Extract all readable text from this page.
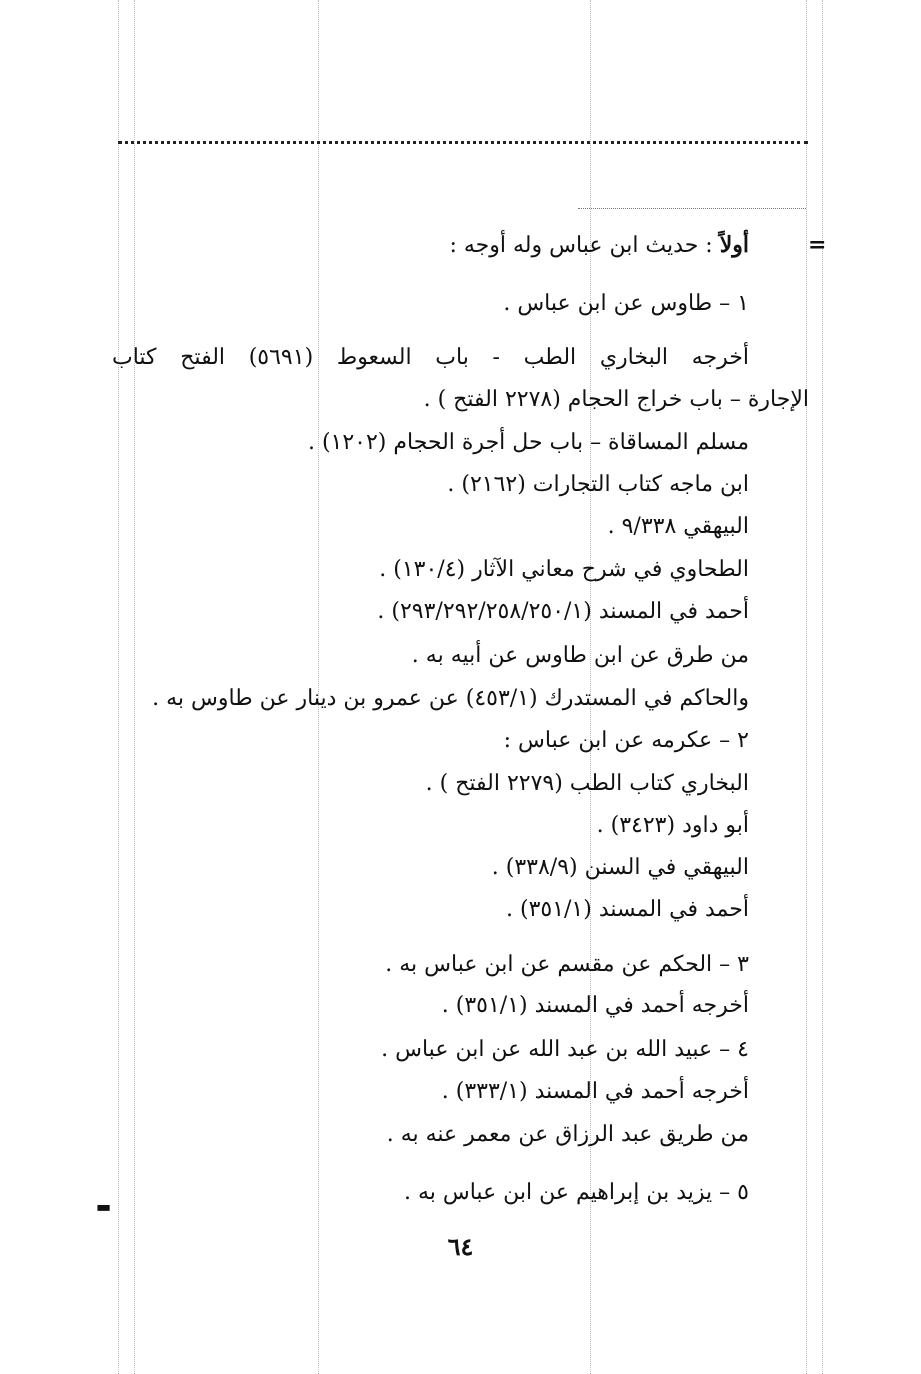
=
▬
أولاً : حديث ابن عباس وله أوجه :
١ – طاوس عن ابن عباس .
أخرجه البخاري الطب - باب السعوط (٥٦٩١) الفتح كتاب
الإجارة – باب خراج الحجام (٢٢٧٨ الفتح ) .
مسلم المساقاة – باب حل أجرة الحجام (١٢٠٢) .
ابن ماجه كتاب التجارات (٢١٦٢) .
البيهقي ٩/٣٣٨ .
الطحاوي في شرح معاني الآثار (١٣٠/٤) .
أحمد في المسند (٢٩٣/٢٩٢/٢٥٨/٢٥٠/١) .
من طرق عن ابن طاوس عن أبيه به .
والحاكم في المستدرك (٤٥٣/١) عن عمرو بن دينار عن طاوس به .
٢ – عكرمه عن ابن عباس :
البخاري كتاب الطب (٢٢٧٩ الفتح ) .
أبو داود (٣٤٢٣) .
البيهقي في السنن (٣٣٨/٩) .
أحمد في المسند (٣٥١/١) .
٣ – الحكم عن مقسم عن ابن عباس به .
أخرجه أحمد في المسند (٣٥١/١) .
٤ – عبيد الله بن عبد الله عن ابن عباس .
أخرجه أحمد في المسند (٣٣٣/١) .
من طريق عبد الرزاق عن معمر عنه به .
٥ – يزيد بن إبراهيم عن ابن عباس به .
٦٤
